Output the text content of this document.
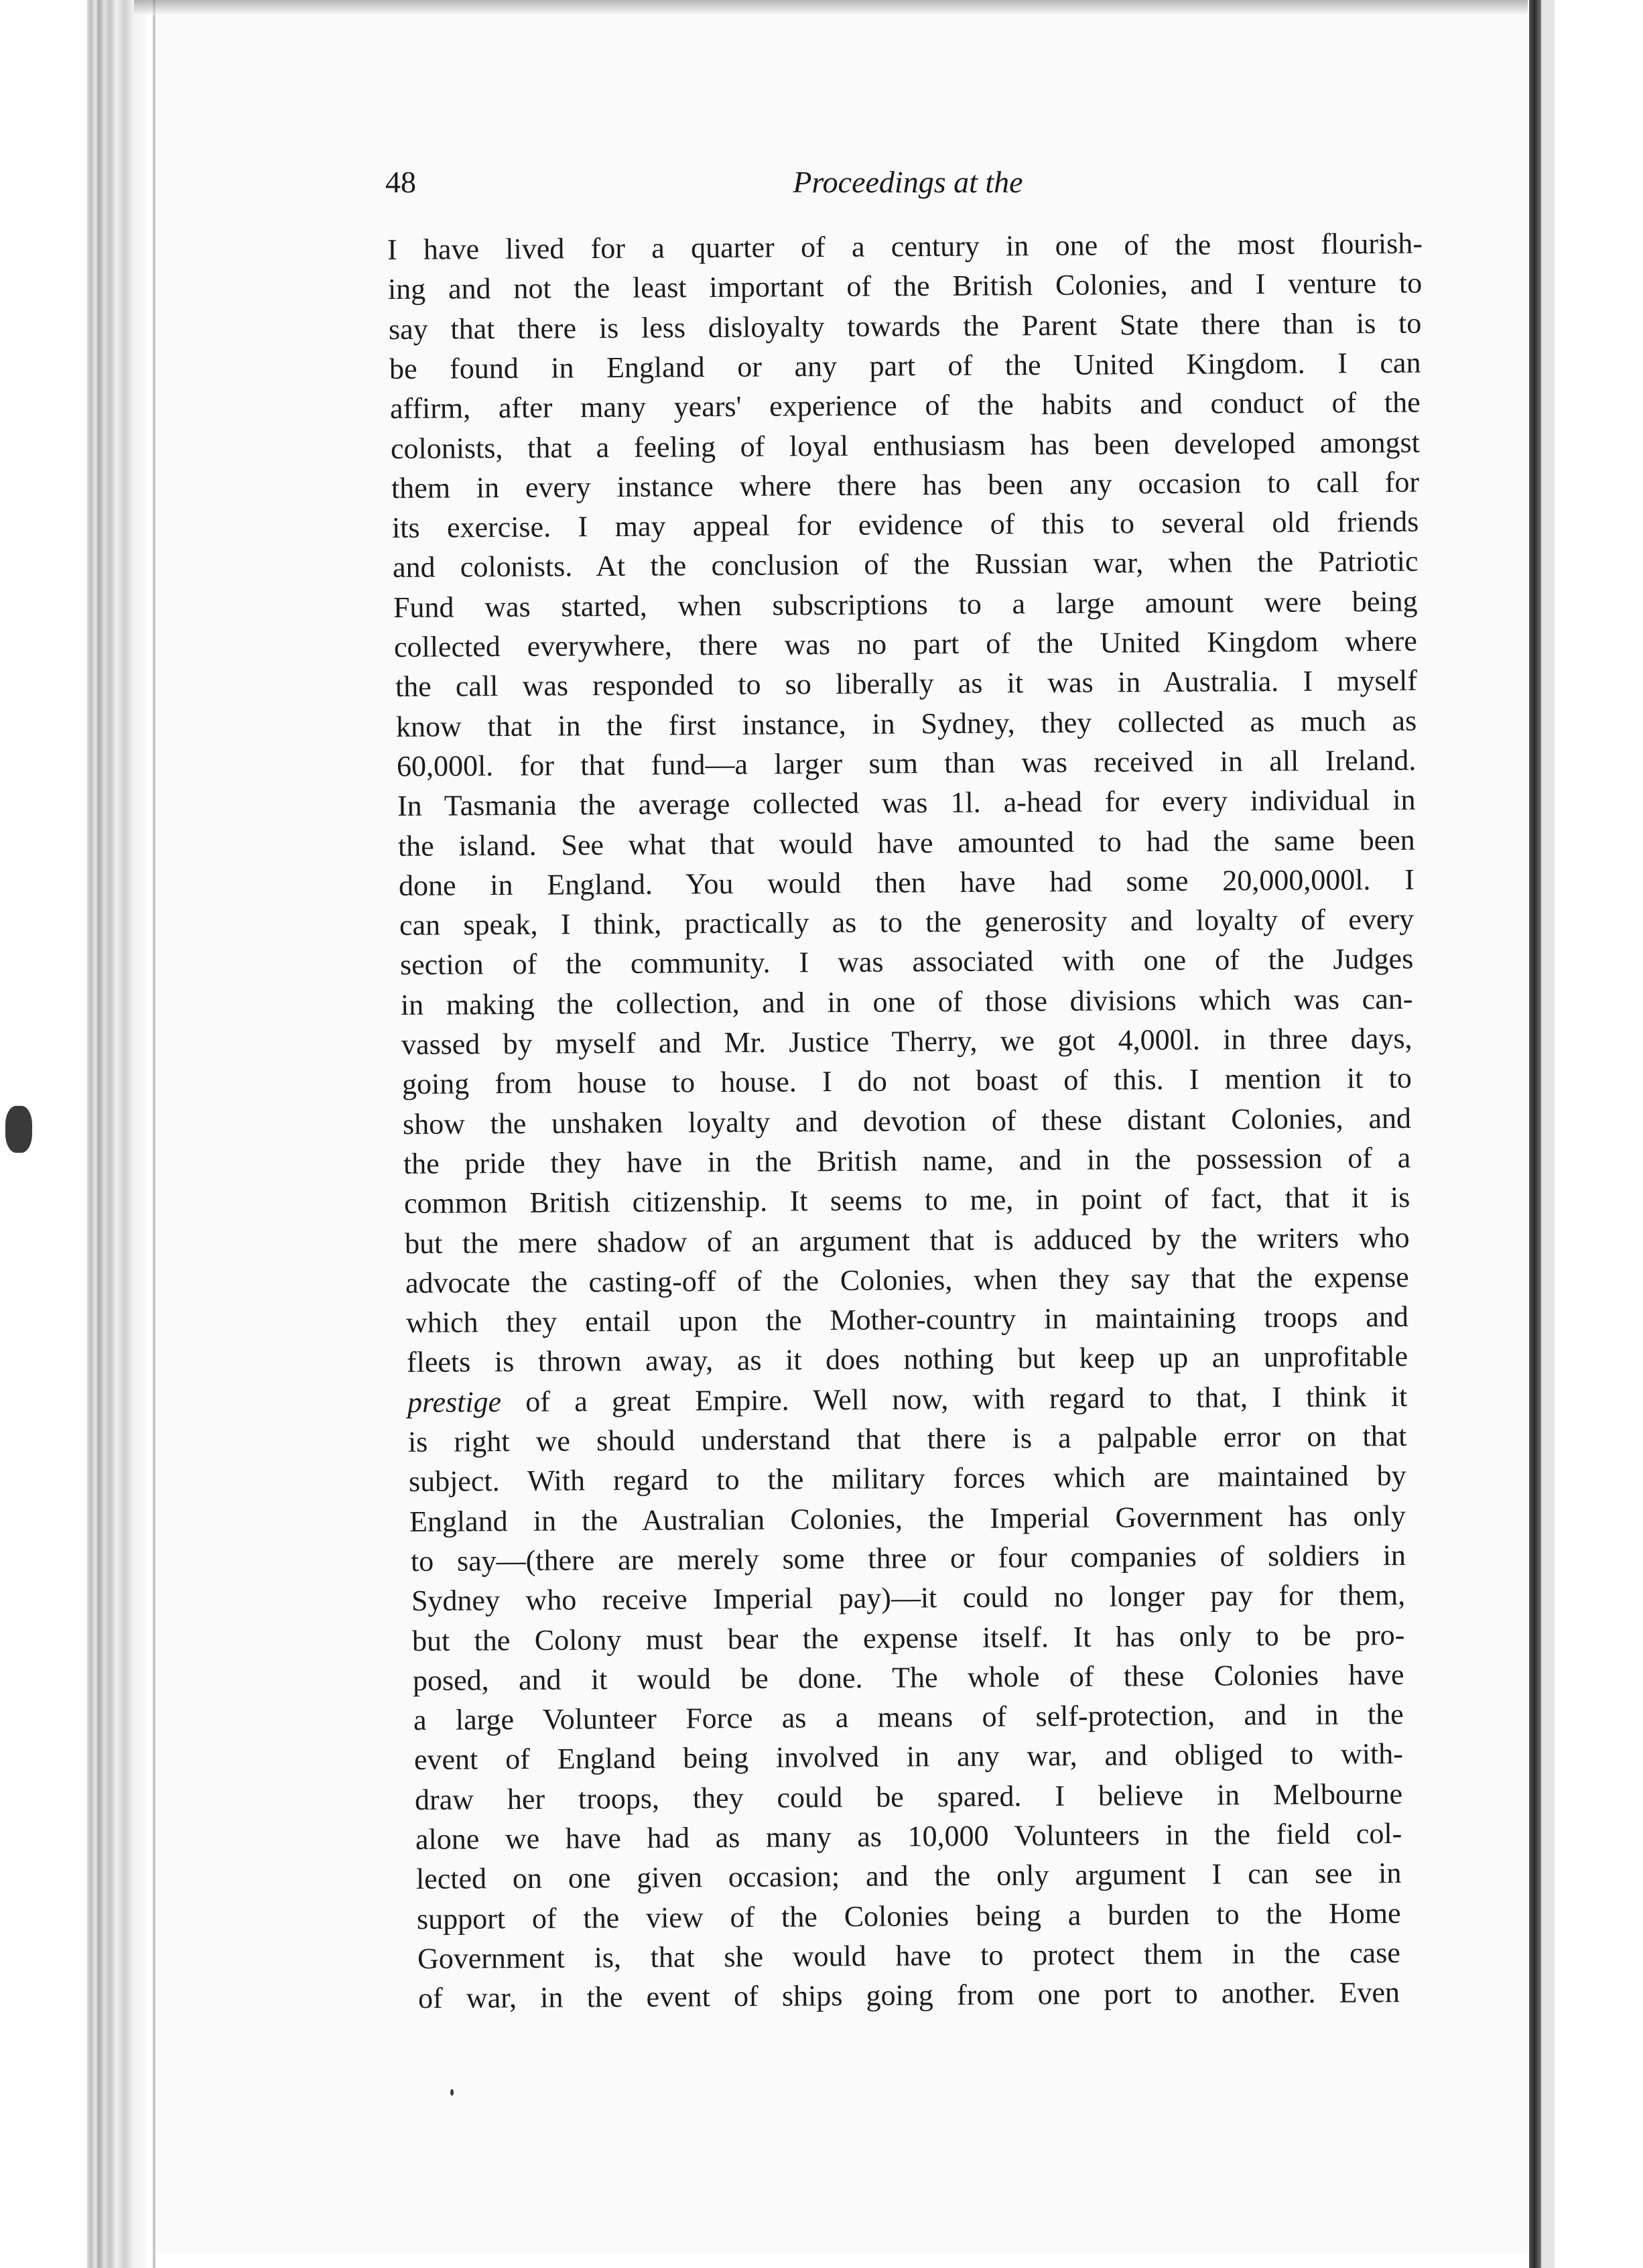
48	Proceedings at the
I have lived for a quarter of a century in one of the most flourish-
ing and not the least important of the British Colonies, and I venture to
say that there is less disloyalty towards the Parent State there than is to
be found in England or any part of the United Kingdom. I can
affirm, after many years' experience of the habits and conduct of the
colonists, that a feeling of loyal enthusiasm has been developed amongst
them in every instance where there has been any occasion to call for
its exercise. I may appeal for evidence of this to several old friends
and colonists. At the conclusion of the Russian war, when the Patriotic
Fund was started, when subscriptions to a large amount were being
collected everywhere, there was no part of the United Kingdom where
the call was responded to so liberally as it was in Australia. I myself
know that in the first instance, in Sydney, they collected as much as
60,000l. for that fund—a larger sum than was received in all Ireland.
In Tasmania the average collected was 1l. a-head for every individual in
the island. See what that would have amounted to had the same been
done in England. You would then have had some 20,000,000l. I
can speak, I think, practically as to the generosity and loyalty of every
section of the community. I was associated with one of the Judges
in making the collection, and in one of those divisions which was can-
vassed by myself and Mr. Justice Therry, we got 4,000l. in three days,
going from house to house. I do not boast of this. I mention it to
show the unshaken loyalty and devotion of these distant Colonies, and
the pride they have in the British name, and in the possession of a
common British citizenship. It seems to me, in point of fact, that it is
but the mere shadow of an argument that is adduced by the writers who
advocate the casting-off of the Colonies, when they say that the expense
which they entail upon the Mother-country in maintaining troops and
fleets is thrown away, as it does nothing but keep up an unprofitable
prestige of a great Empire. Well now, with regard to that, I think it
is right we should understand that there is a palpable error on that
subject. With regard to the military forces which are maintained by
England in the Australian Colonies, the Imperial Government has only
to say—(there are merely some three or four companies of soldiers in
Sydney who receive Imperial pay)—it could no longer pay for them,
but the Colony must bear the expense itself. It has only to be pro-
posed, and it would be done. The whole of these Colonies have
a large Volunteer Force as a means of self-protection, and in the
event of England being involved in any war, and obliged to with-
draw her troops, they could be spared. I believe in Melbourne
alone we have had as many as 10,000 Volunteers in the field col-
lected on one given occasion; and the only argument I can see in
support of the view of the Colonies being a burden to the Home
Government is, that she would have to protect them in the case
of war, in the event of ships going from one port to another. Even
